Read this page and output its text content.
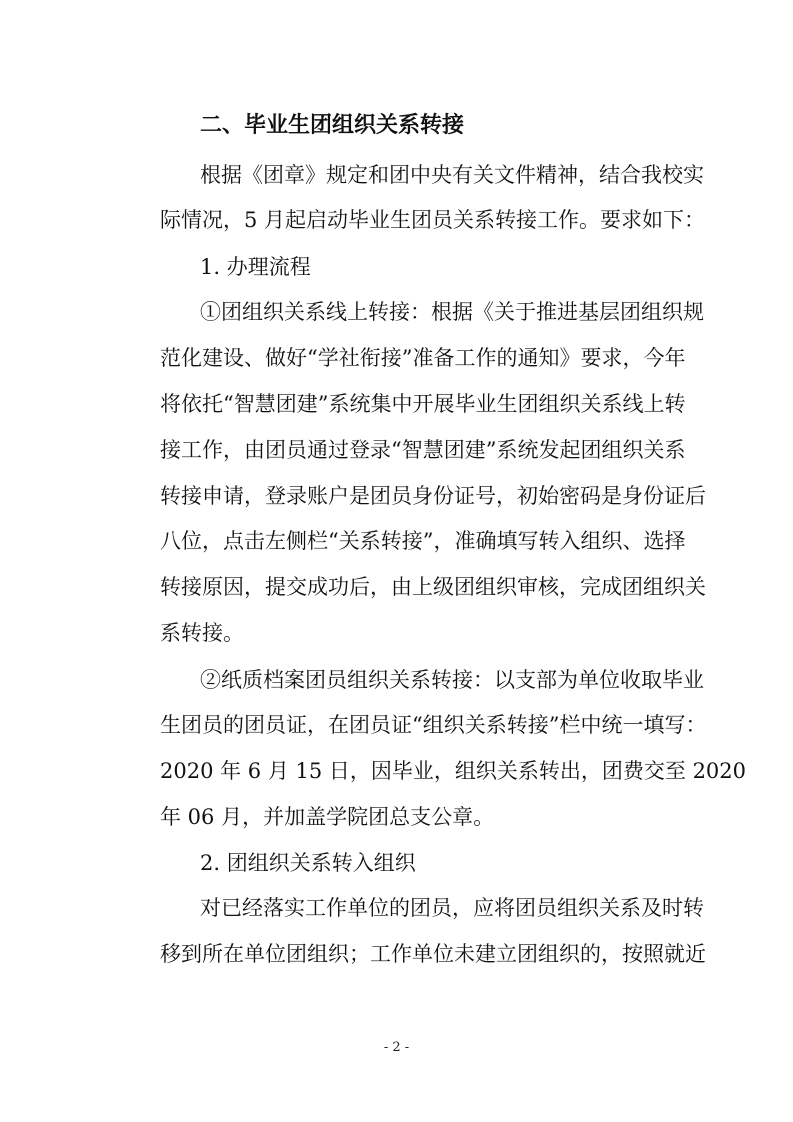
二、毕业生团组织关系转接
根据《团章》规定和团中央有关文件精神，结合我校实
际情况，5 月起启动毕业生团员关系转接工作。要求如下：
1. 办理流程
①团组织关系线上转接：根据《关于推进基层团组织规
范化建设、做好“学社衔接”准备工作的通知》要求，今年
将依托“智慧团建”系统集中开展毕业生团组织关系线上转
接工作，由团员通过登录“智慧团建”系统发起团组织关系
转接申请，登录账户是团员身份证号，初始密码是身份证后
八位，点击左侧栏“关系转接”，准确填写转入组织、选择
转接原因，提交成功后，由上级团组织审核，完成团组织关
系转接。
②纸质档案团员组织关系转接：以支部为单位收取毕业
生团员的团员证，在团员证“组织关系转接”栏中统一填写：
2020 年 6 月 15 日，因毕业，组织关系转出，团费交至 2020
年 06 月，并加盖学院团总支公章。
2. 团组织关系转入组织
对已经落实工作单位的团员，应将团员组织关系及时转
移到所在单位团组织；工作单位未建立团组织的，按照就近
- 2 -
